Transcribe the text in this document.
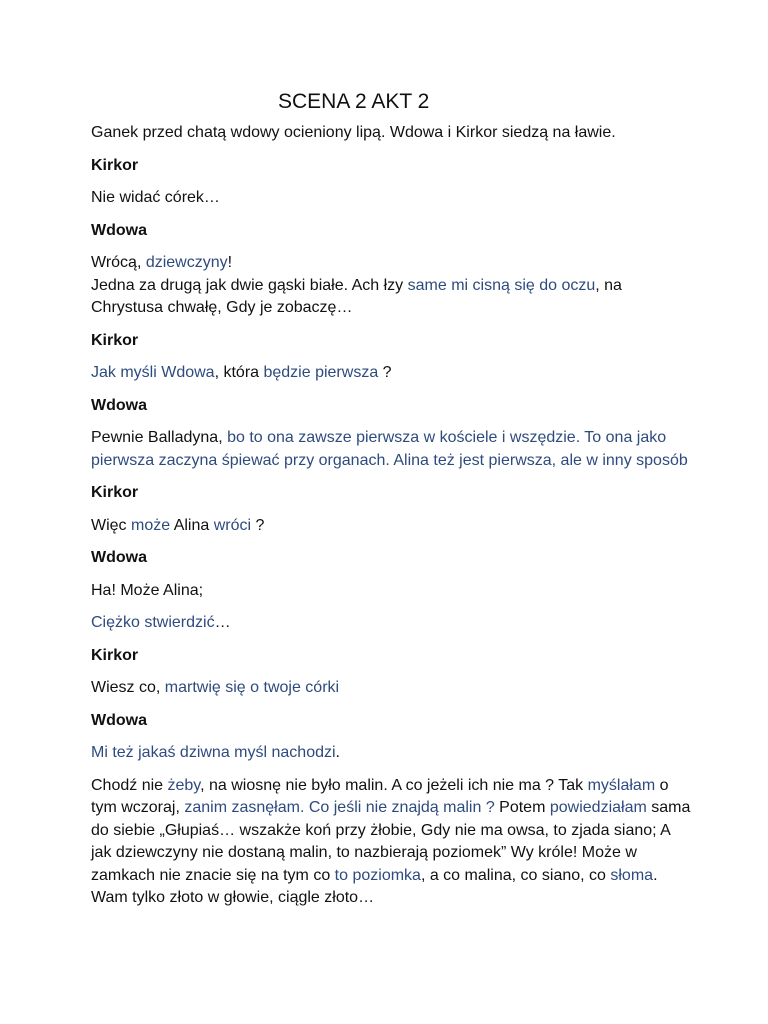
SCENA 2 AKT 2

Ganek przed chatą wdowy ocieniony lipą. Wdowa i Kirkor siedzą na ławie.

Kirkor

Nie widać córek…

Wdowa

Wrócą, dziewczyny!
Jedna za drugą jak dwie gąski białe. Ach łzy same mi cisną się do oczu, na Chrystusa chwałę, Gdy je zobaczę…

Kirkor

Jak myśli Wdowa, która będzie pierwsza ?

Wdowa

Pewnie Balladyna, bo to ona zawsze pierwsza w kościele i wszędzie. To ona jako pierwsza zaczyna śpiewać przy organach. Alina też jest pierwsza, ale w inny sposób

Kirkor

Więc może Alina wróci ?

Wdowa

Ha! Może Alina;

Ciężko stwierdzić…

Kirkor

Wiesz co, martwię się o twoje córki

Wdowa

Mi też jakaś dziwna myśl nachodzi.

Chodź nie żeby, na wiosnę nie było malin. A co jeżeli ich nie ma ? Tak myślałam o tym wczoraj, zanim zasnęłam. Co jeśli nie znajdą malin ? Potem powiedziałam sama do siebie „Głupiaś… wszakże koń przy żłobie, Gdy nie ma owsa, to zjada siano; A jak dziewczyny nie dostaną malin, to nazbierają poziomek” Wy króle! Może w zamkach nie znacie się na tym co to poziomka, a co malina, co siano, co słoma. Wam tylko złoto w głowie, ciągle złoto…
